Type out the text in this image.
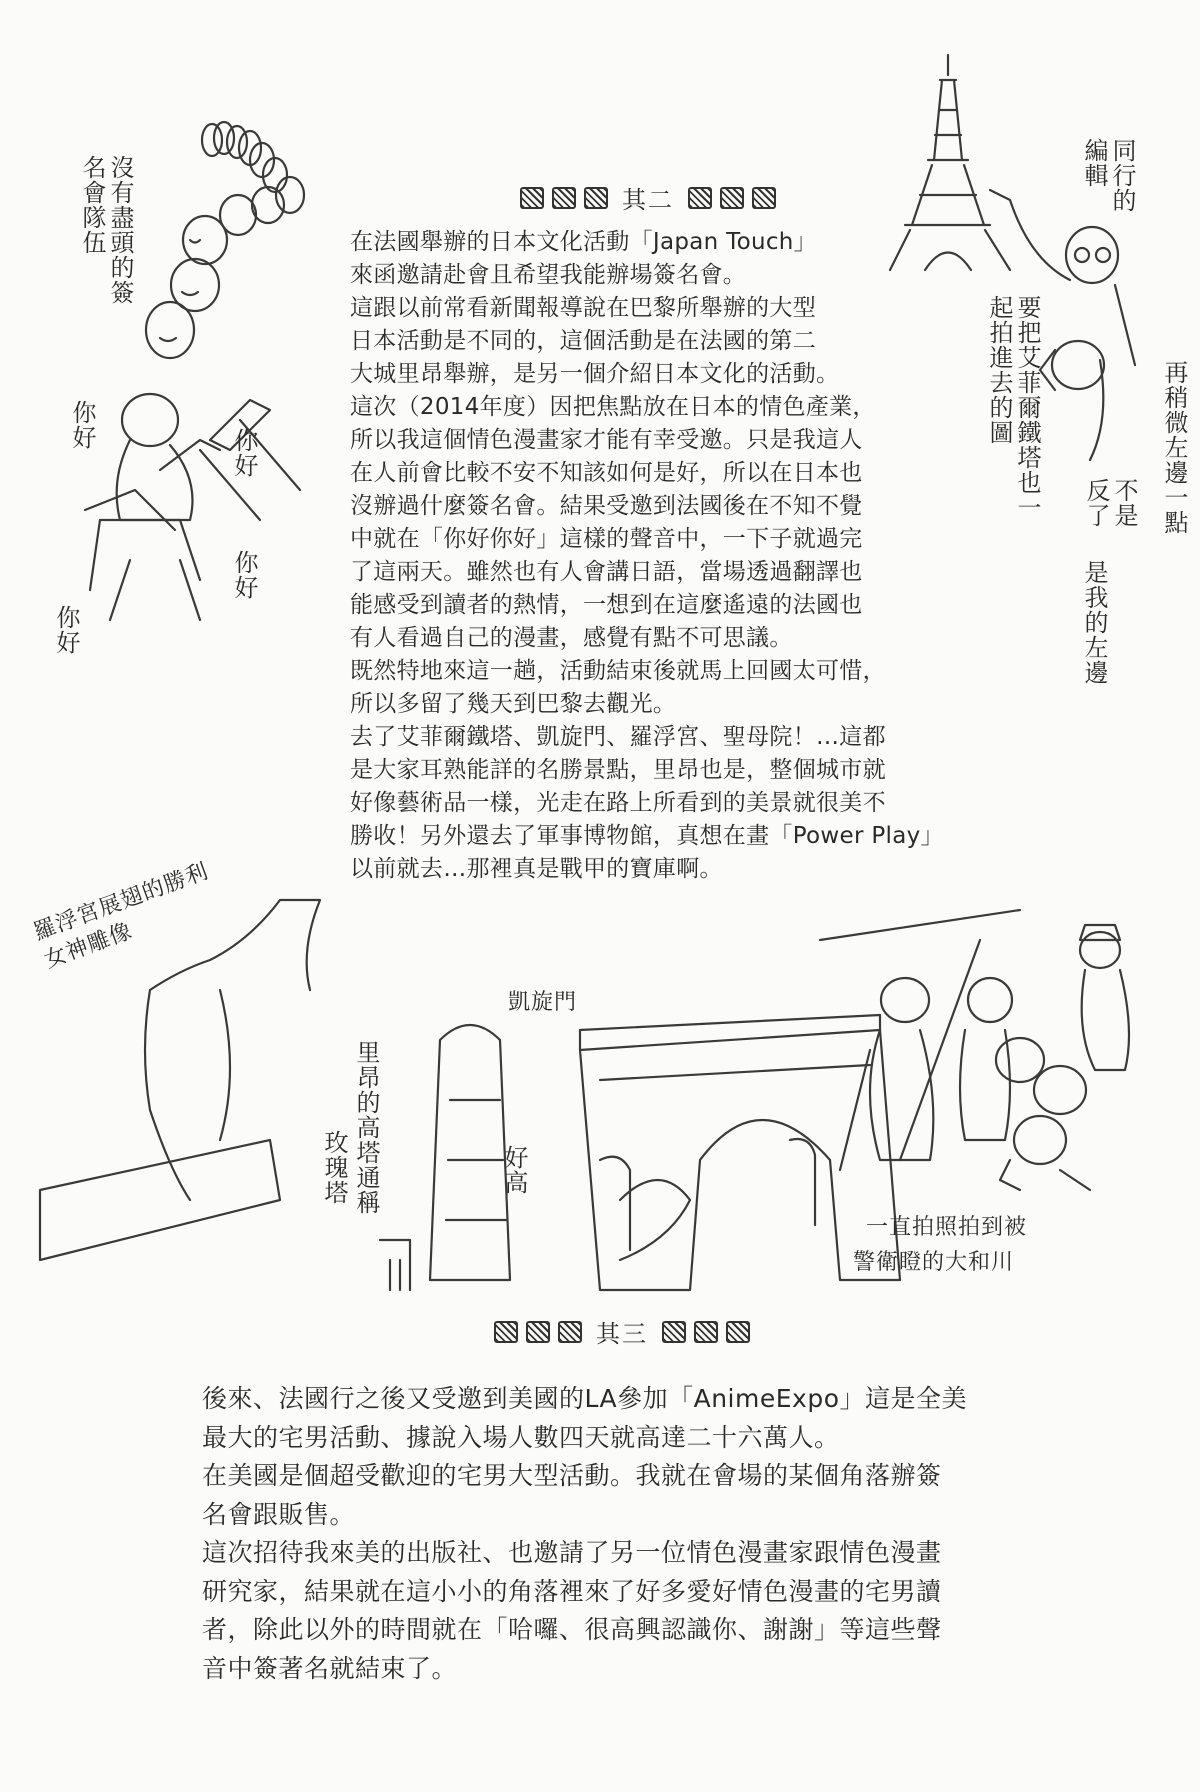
其二
在法國舉辦的日本文化活動「Japan Touch」
來函邀請赴會且希望我能辦場簽名會。
這跟以前常看新聞報導說在巴黎所舉辦的大型
日本活動是不同的，這個活動是在法國的第二
大城里昂舉辦，是另一個介紹日本文化的活動。
這次（2014年度）因把焦點放在日本的情色產業，
所以我這個情色漫畫家才能有幸受邀。只是我這人
在人前會比較不安不知該如何是好，所以在日本也
沒辦過什麼簽名會。結果受邀到法國後在不知不覺
中就在「你好你好」這樣的聲音中，一下子就過完
了這兩天。雖然也有人會講日語，當場透過翻譯也
能感受到讀者的熱情，一想到在這麼遙遠的法國也
有人看過自己的漫畫，感覺有點不可思議。
既然特地來這一趟，活動結束後就馬上回國太可惜，
所以多留了幾天到巴黎去觀光。
去了艾菲爾鐵塔、凱旋門、羅浮宮、聖母院！…這都
是大家耳熟能詳的名勝景點，里昂也是，整個城市就
好像藝術品一樣，光走在路上所看到的美景就很美不
勝收！另外還去了軍事博物館，真想在畫「Power Play」
以前就去…那裡真是戰甲的寶庫啊。
沒有盡頭的簽名會隊伍
你好
你好
你好
你好
要把艾菲爾鐵塔也一起拍進去的圖
同行的編輯
再稍微左邊一點
不是反了
是我的左邊
羅浮宮展翅的勝利女神雕像
凱旋門
里昂的高塔通稱
玫瑰塔	好高
一直拍照拍到被
警衛瞪的大和川
其三
後來、法國行之後又受邀到美國的LA參加「AnimeExpo」這是全美
最大的宅男活動、據說入場人數四天就高達二十六萬人。
在美國是個超受歡迎的宅男大型活動。我就在會場的某個角落辦簽
名會跟販售。
這次招待我來美的出版社、也邀請了另一位情色漫畫家跟情色漫畫
研究家，結果就在這小小的角落裡來了好多愛好情色漫畫的宅男讀
者，除此以外的時間就在「哈囉、很高興認識你、謝謝」等這些聲
音中簽著名就結束了。
